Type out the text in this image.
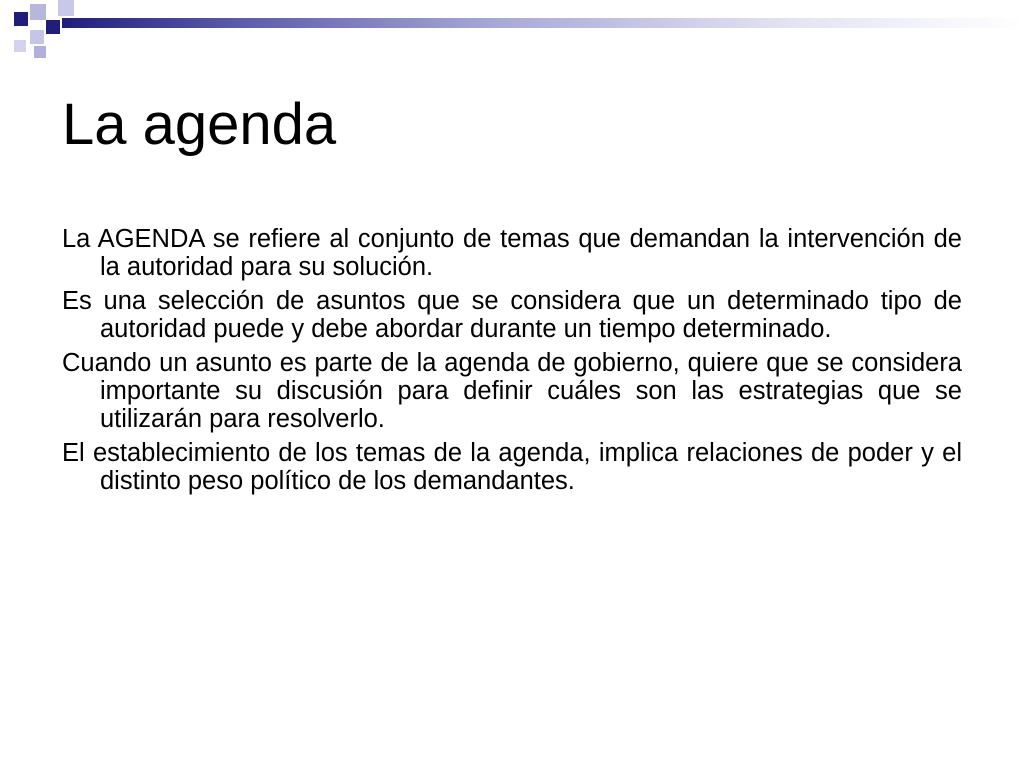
La agenda
La AGENDA se refiere al conjunto de temas que demandan la intervención de la autoridad para su solución.
Es una selección de asuntos que se considera que un determinado tipo de autoridad puede y debe abordar durante un tiempo determinado.
Cuando un asunto es parte de la agenda de gobierno, quiere que se considera importante su discusión para definir cuáles son las estrategias que se utilizarán para resolverlo.
El establecimiento de los temas de la agenda, implica relaciones de poder y el distinto peso político de los demandantes.
